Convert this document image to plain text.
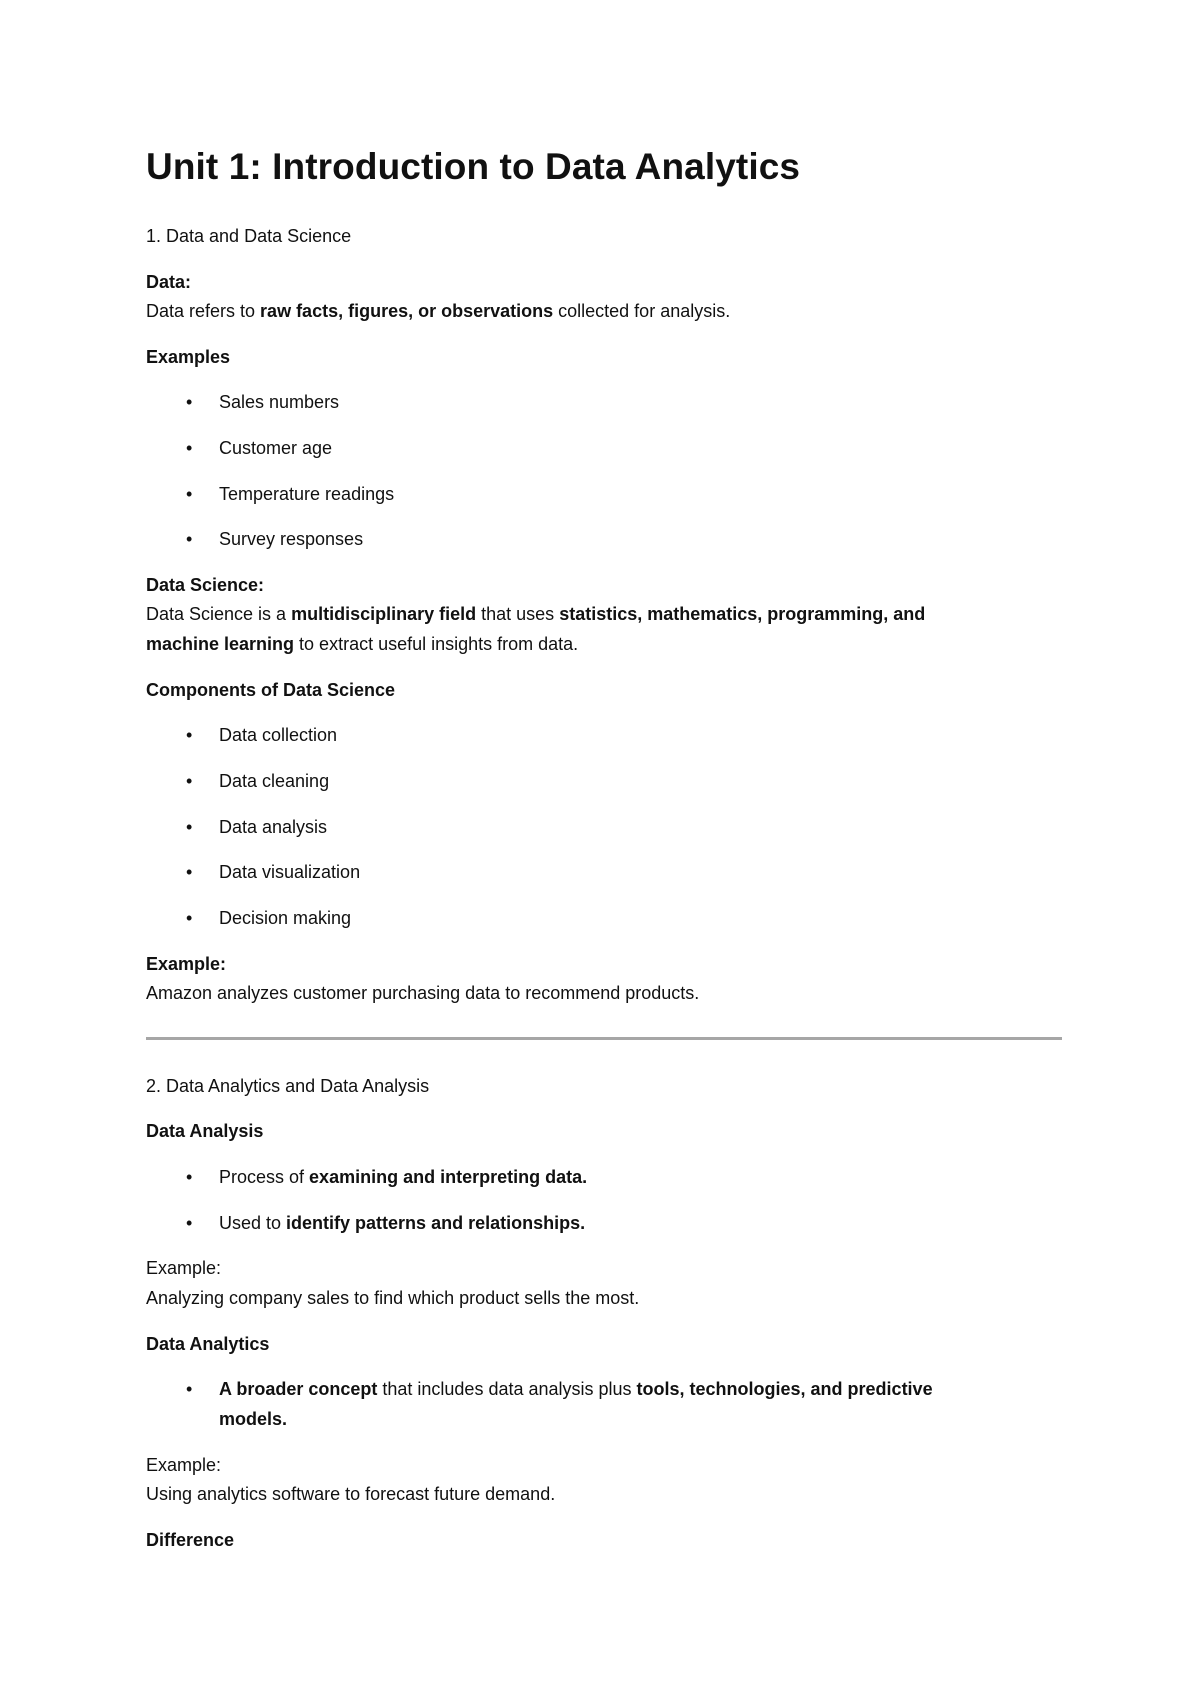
Unit 1: Introduction to Data Analytics
1. Data and Data Science
Data:
Data refers to raw facts, figures, or observations collected for analysis.
Examples
• Sales numbers
• Customer age
• Temperature readings
• Survey responses
Data Science:
Data Science is a multidisciplinary field that uses statistics, mathematics, programming, and
machine learning to extract useful insights from data.
Components of Data Science
• Data collection
• Data cleaning
• Data analysis
• Data visualization
• Decision making
Example:
Amazon analyzes customer purchasing data to recommend products.
2. Data Analytics and Data Analysis
Data Analysis
• Process of examining and interpreting data.
• Used to identify patterns and relationships.
Example:
Analyzing company sales to find which product sells the most.
Data Analytics
• A broader concept that includes data analysis plus tools, technologies, and predictive
models.
Example:
Using analytics software to forecast future demand.
Difference
